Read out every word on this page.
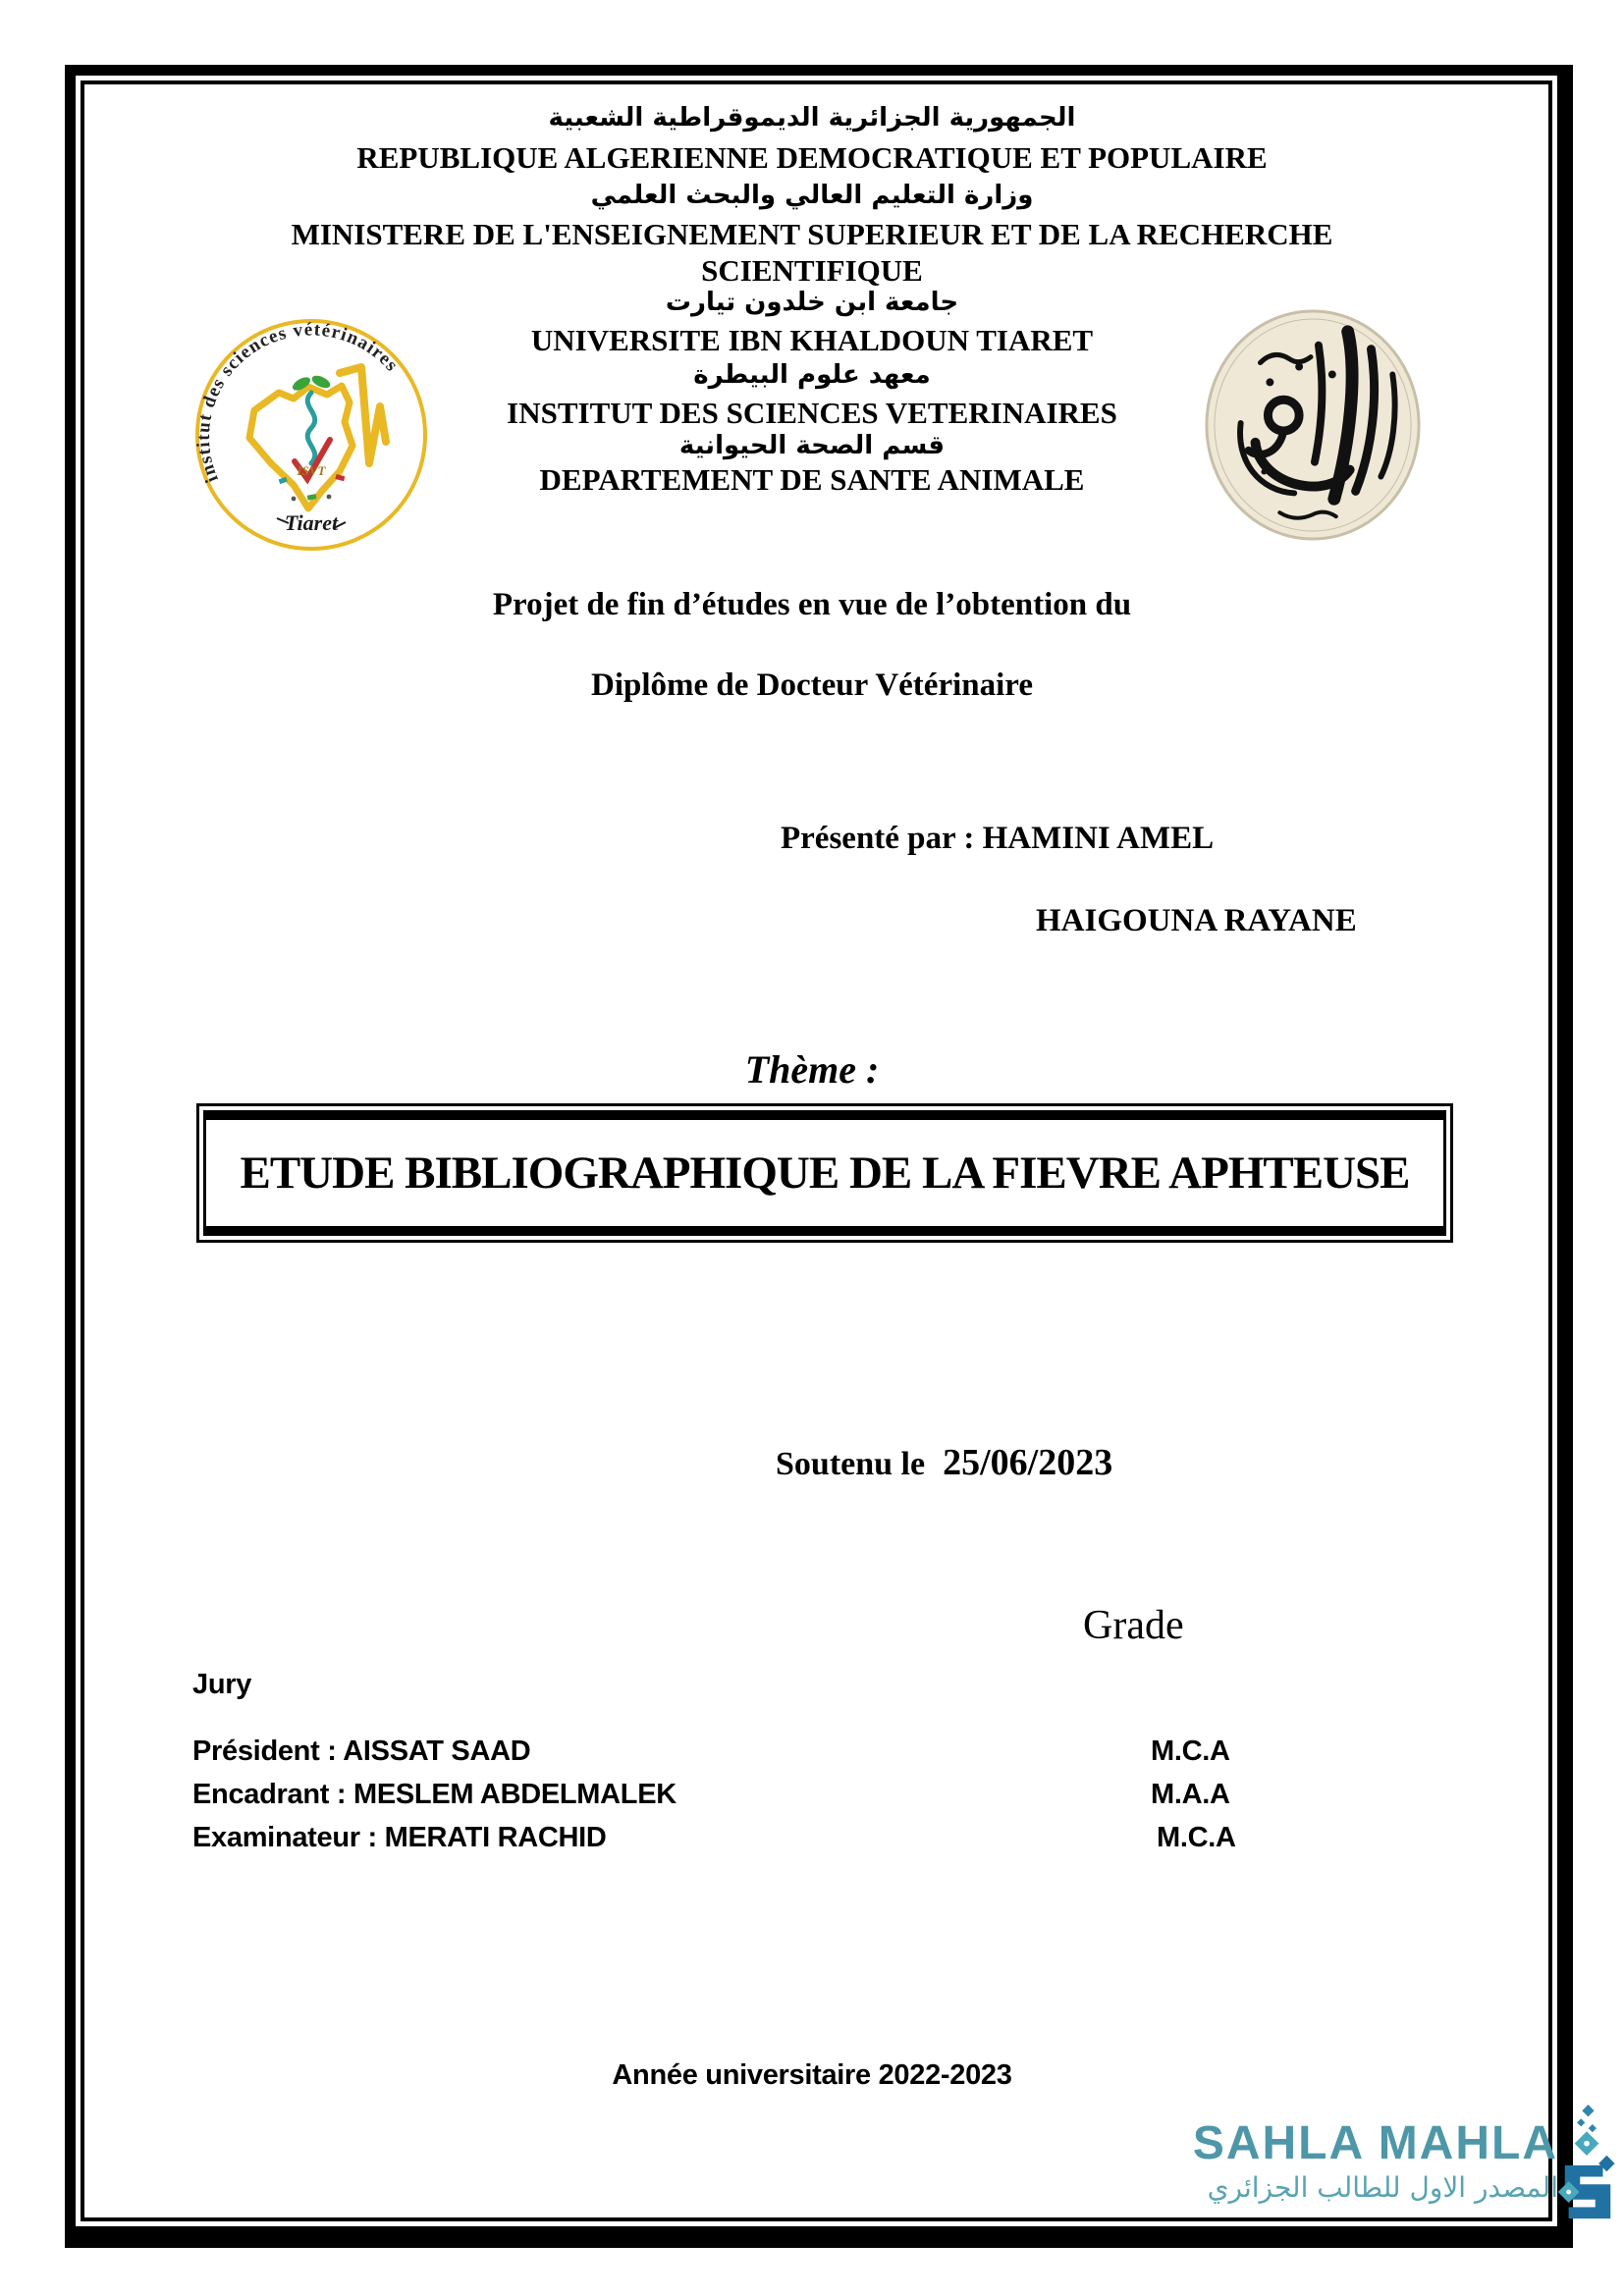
الجمهورية الجزائرية الديموقراطية الشعبية
REPUBLIQUE ALGERIENNE DEMOCRATIQUE ET POPULAIRE
وزارة التعليم العالي والبحث العلمي
MINISTERE DE L'ENSEIGNEMENT SUPERIEUR ET DE LA RECHERCHE SCIENTIFIQUE
جامعة ابن خلدون تيارت
UNIVERSITE IBN KHALDOUN TIARET
معهد علوم البيطرة
INSTITUT DES SCIENCES VETERINAIRES
قسم الصحة الحيوانية
DEPARTEMENT DE SANTE ANIMALE
institut des sciences vétérinaires
ISVT
Tiaret
Projet de fin d’études en vue de l’obtention du
Diplôme de Docteur Vétérinaire
Présenté par : HAMINI AMEL
HAIGOUNA RAYANE
Thème :
ETUDE BIBLIOGRAPHIQUE DE LA FIEVRE APHTEUSE
Soutenu le 25/06/2023
Grade
Jury
Président : AISSAT SAAD	M.C.A
Encadrant : MESLEM ABDELMALEK	M.A.A
Examinateur : MERATI RACHID	M.C.A
Année universitaire 2022-2023
SAHLA MAHLA
المصدر الاول للطالب الجزائري
